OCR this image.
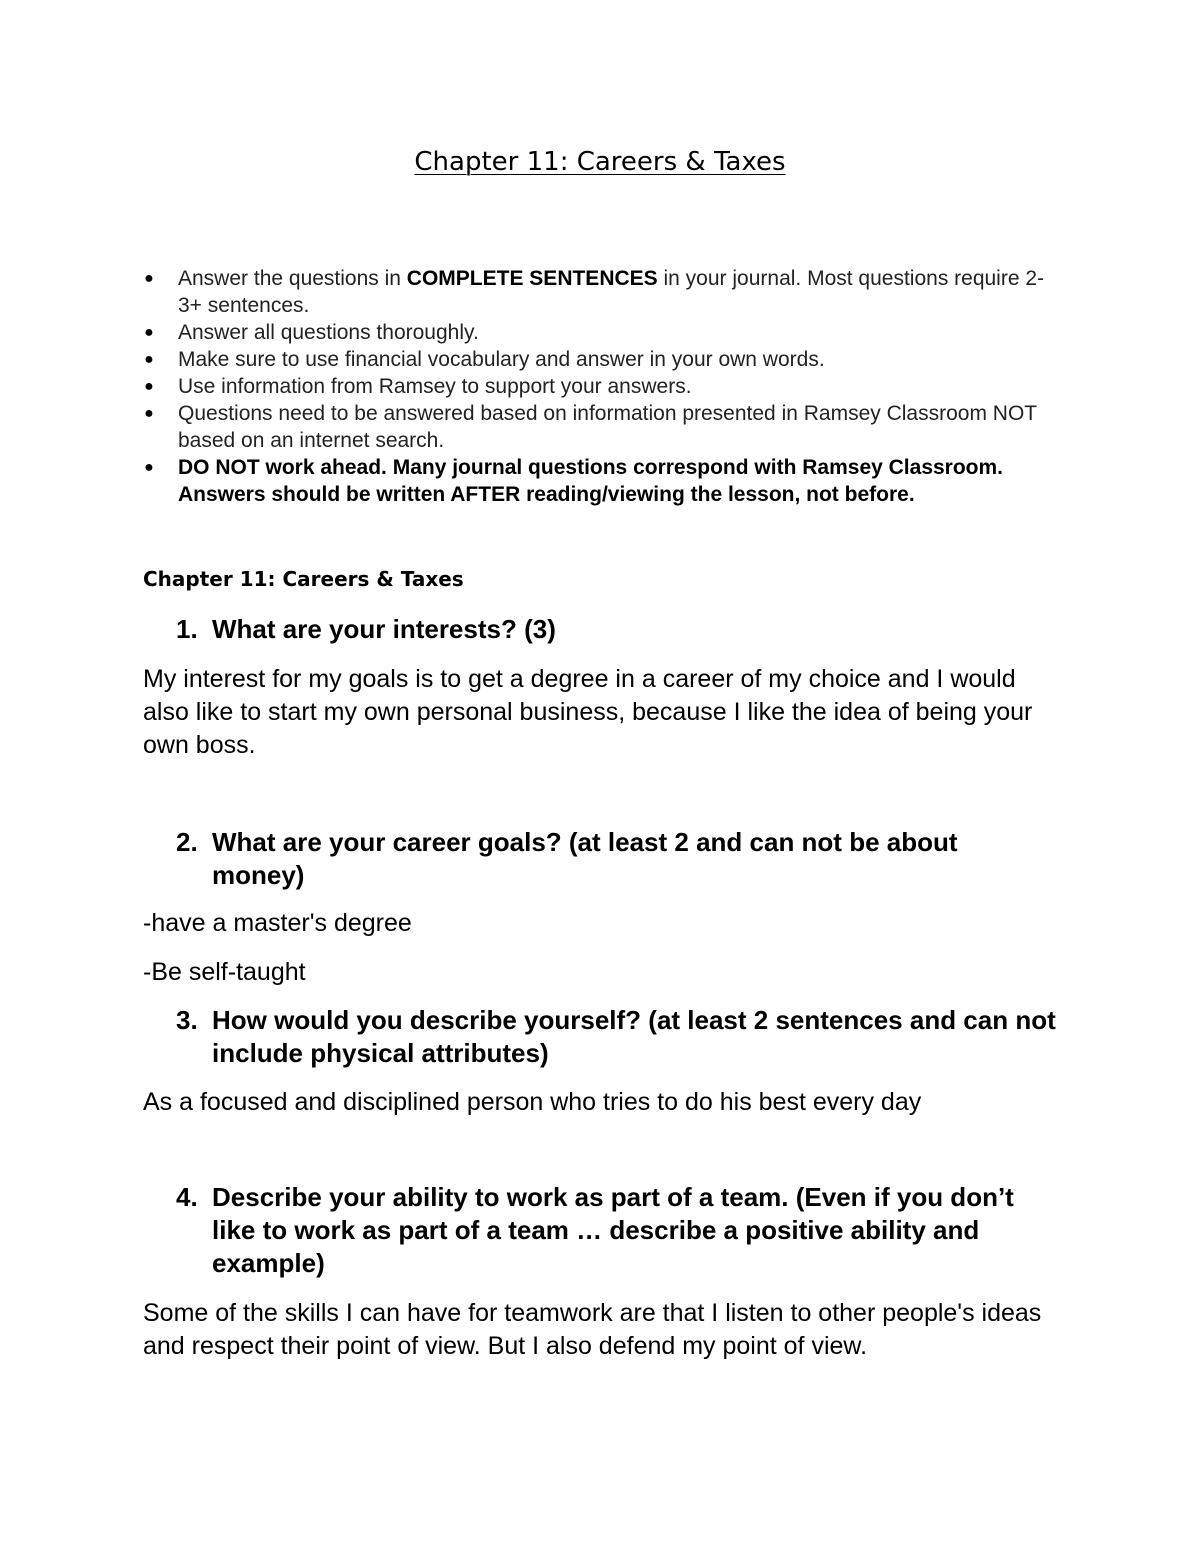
Chapter 11: Careers & Taxes
● Answer the questions in COMPLETE SENTENCES in your journal. Most questions require 2-3+ sentences.
● Answer all questions thoroughly.
● Make sure to use financial vocabulary and answer in your own words.
● Use information from Ramsey to support your answers.
● Questions need to be answered based on information presented in Ramsey Classroom NOT based on an internet search.
● DO NOT work ahead. Many journal questions correspond with Ramsey Classroom. Answers should be written AFTER reading/viewing the lesson, not before.
Chapter 11: Careers & Taxes
1. What are your interests? (3)
My interest for my goals is to get a degree in a career of my choice and I would also like to start my own personal business, because I like the idea of being your own boss.
2. What are your career goals? (at least 2 and can not be about money)
-have a master's degree
-Be self-taught
3. How would you describe yourself? (at least 2 sentences and can not include physical attributes)
As a focused and disciplined person who tries to do his best every day
4. Describe your ability to work as part of a team. (Even if you don’t like to work as part of a team … describe a positive ability and example)
Some of the skills I can have for teamwork are that I listen to other people's ideas and respect their point of view. But I also defend my point of view.
